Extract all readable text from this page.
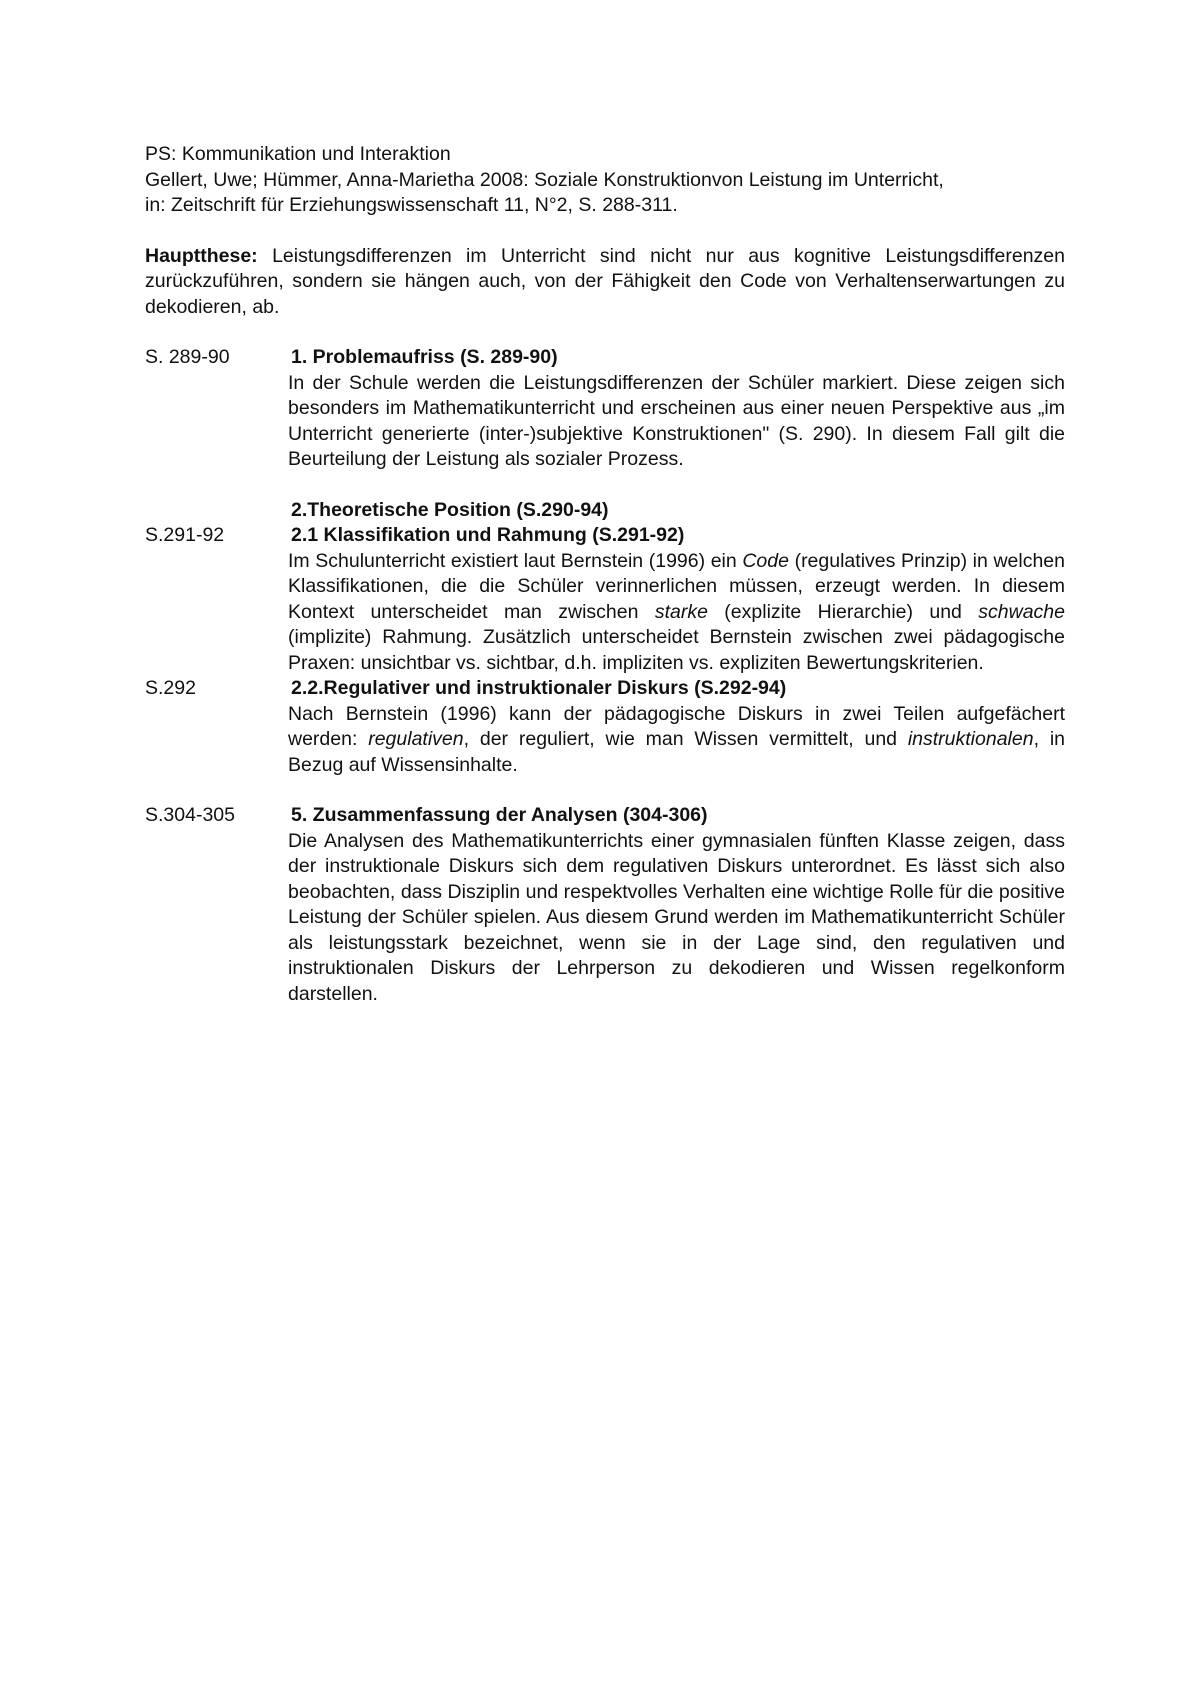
PS: Kommunikation und Interaktion
Gellert, Uwe; Hümmer, Anna-Marietha 2008: Soziale Konstruktionvon Leistung im Unterricht,
in: Zeitschrift für Erziehungswissenschaft 11, N°2, S. 288-311.
Hauptthese: Leistungsdifferenzen im Unterricht sind nicht nur aus kognitive Leistungsdifferenzen zurückzuführen, sondern sie hängen auch, von der Fähigkeit den Code von Verhaltenserwartungen zu dekodieren, ab.
S. 289-90	1. Problemaufriss (S. 289-90)
In der Schule werden die Leistungsdifferenzen der Schüler markiert. Diese zeigen sich besonders im Mathematikunterricht und erscheinen aus einer neuen Perspektive aus „im Unterricht generierte (inter-)subjektive Konstruktionen" (S. 290). In diesem Fall gilt die Beurteilung der Leistung als sozialer Prozess.
2.Theoretische Position (S.290-94)
S.291-92	2.1 Klassifikation und Rahmung (S.291-92)
Im Schulunterricht existiert laut Bernstein (1996) ein Code (regulatives Prinzip) in welchen Klassifikationen, die die Schüler verinnerlichen müssen, erzeugt werden. In diesem Kontext unterscheidet man zwischen starke (explizite Hierarchie) und schwache (implizite) Rahmung. Zusätzlich unterscheidet Bernstein zwischen zwei pädagogische Praxen: unsichtbar vs. sichtbar, d.h. impliziten vs. expliziten Bewertungskriterien.
S.292	2.2.Regulativer und instruktionaler Diskurs (S.292-94)
Nach Bernstein (1996) kann der pädagogische Diskurs in zwei Teilen aufgefächert werden: regulativen, der reguliert, wie man Wissen vermittelt, und instruktionalen, in Bezug auf Wissensinhalte.
S.304-305	5. Zusammenfassung der Analysen (304-306)
Die Analysen des Mathematikunterrichts einer gymnasialen fünften Klasse zeigen, dass der instruktionale Diskurs sich dem regulativen Diskurs unterordnet. Es lässt sich also beobachten, dass Disziplin und respektvolles Verhalten eine wichtige Rolle für die positive Leistung der Schüler spielen. Aus diesem Grund werden im Mathematikunterricht Schüler als leistungsstark bezeichnet, wenn sie in der Lage sind, den regulativen und instruktionalen Diskurs der Lehrperson zu dekodieren und Wissen regelkonform darstellen.
